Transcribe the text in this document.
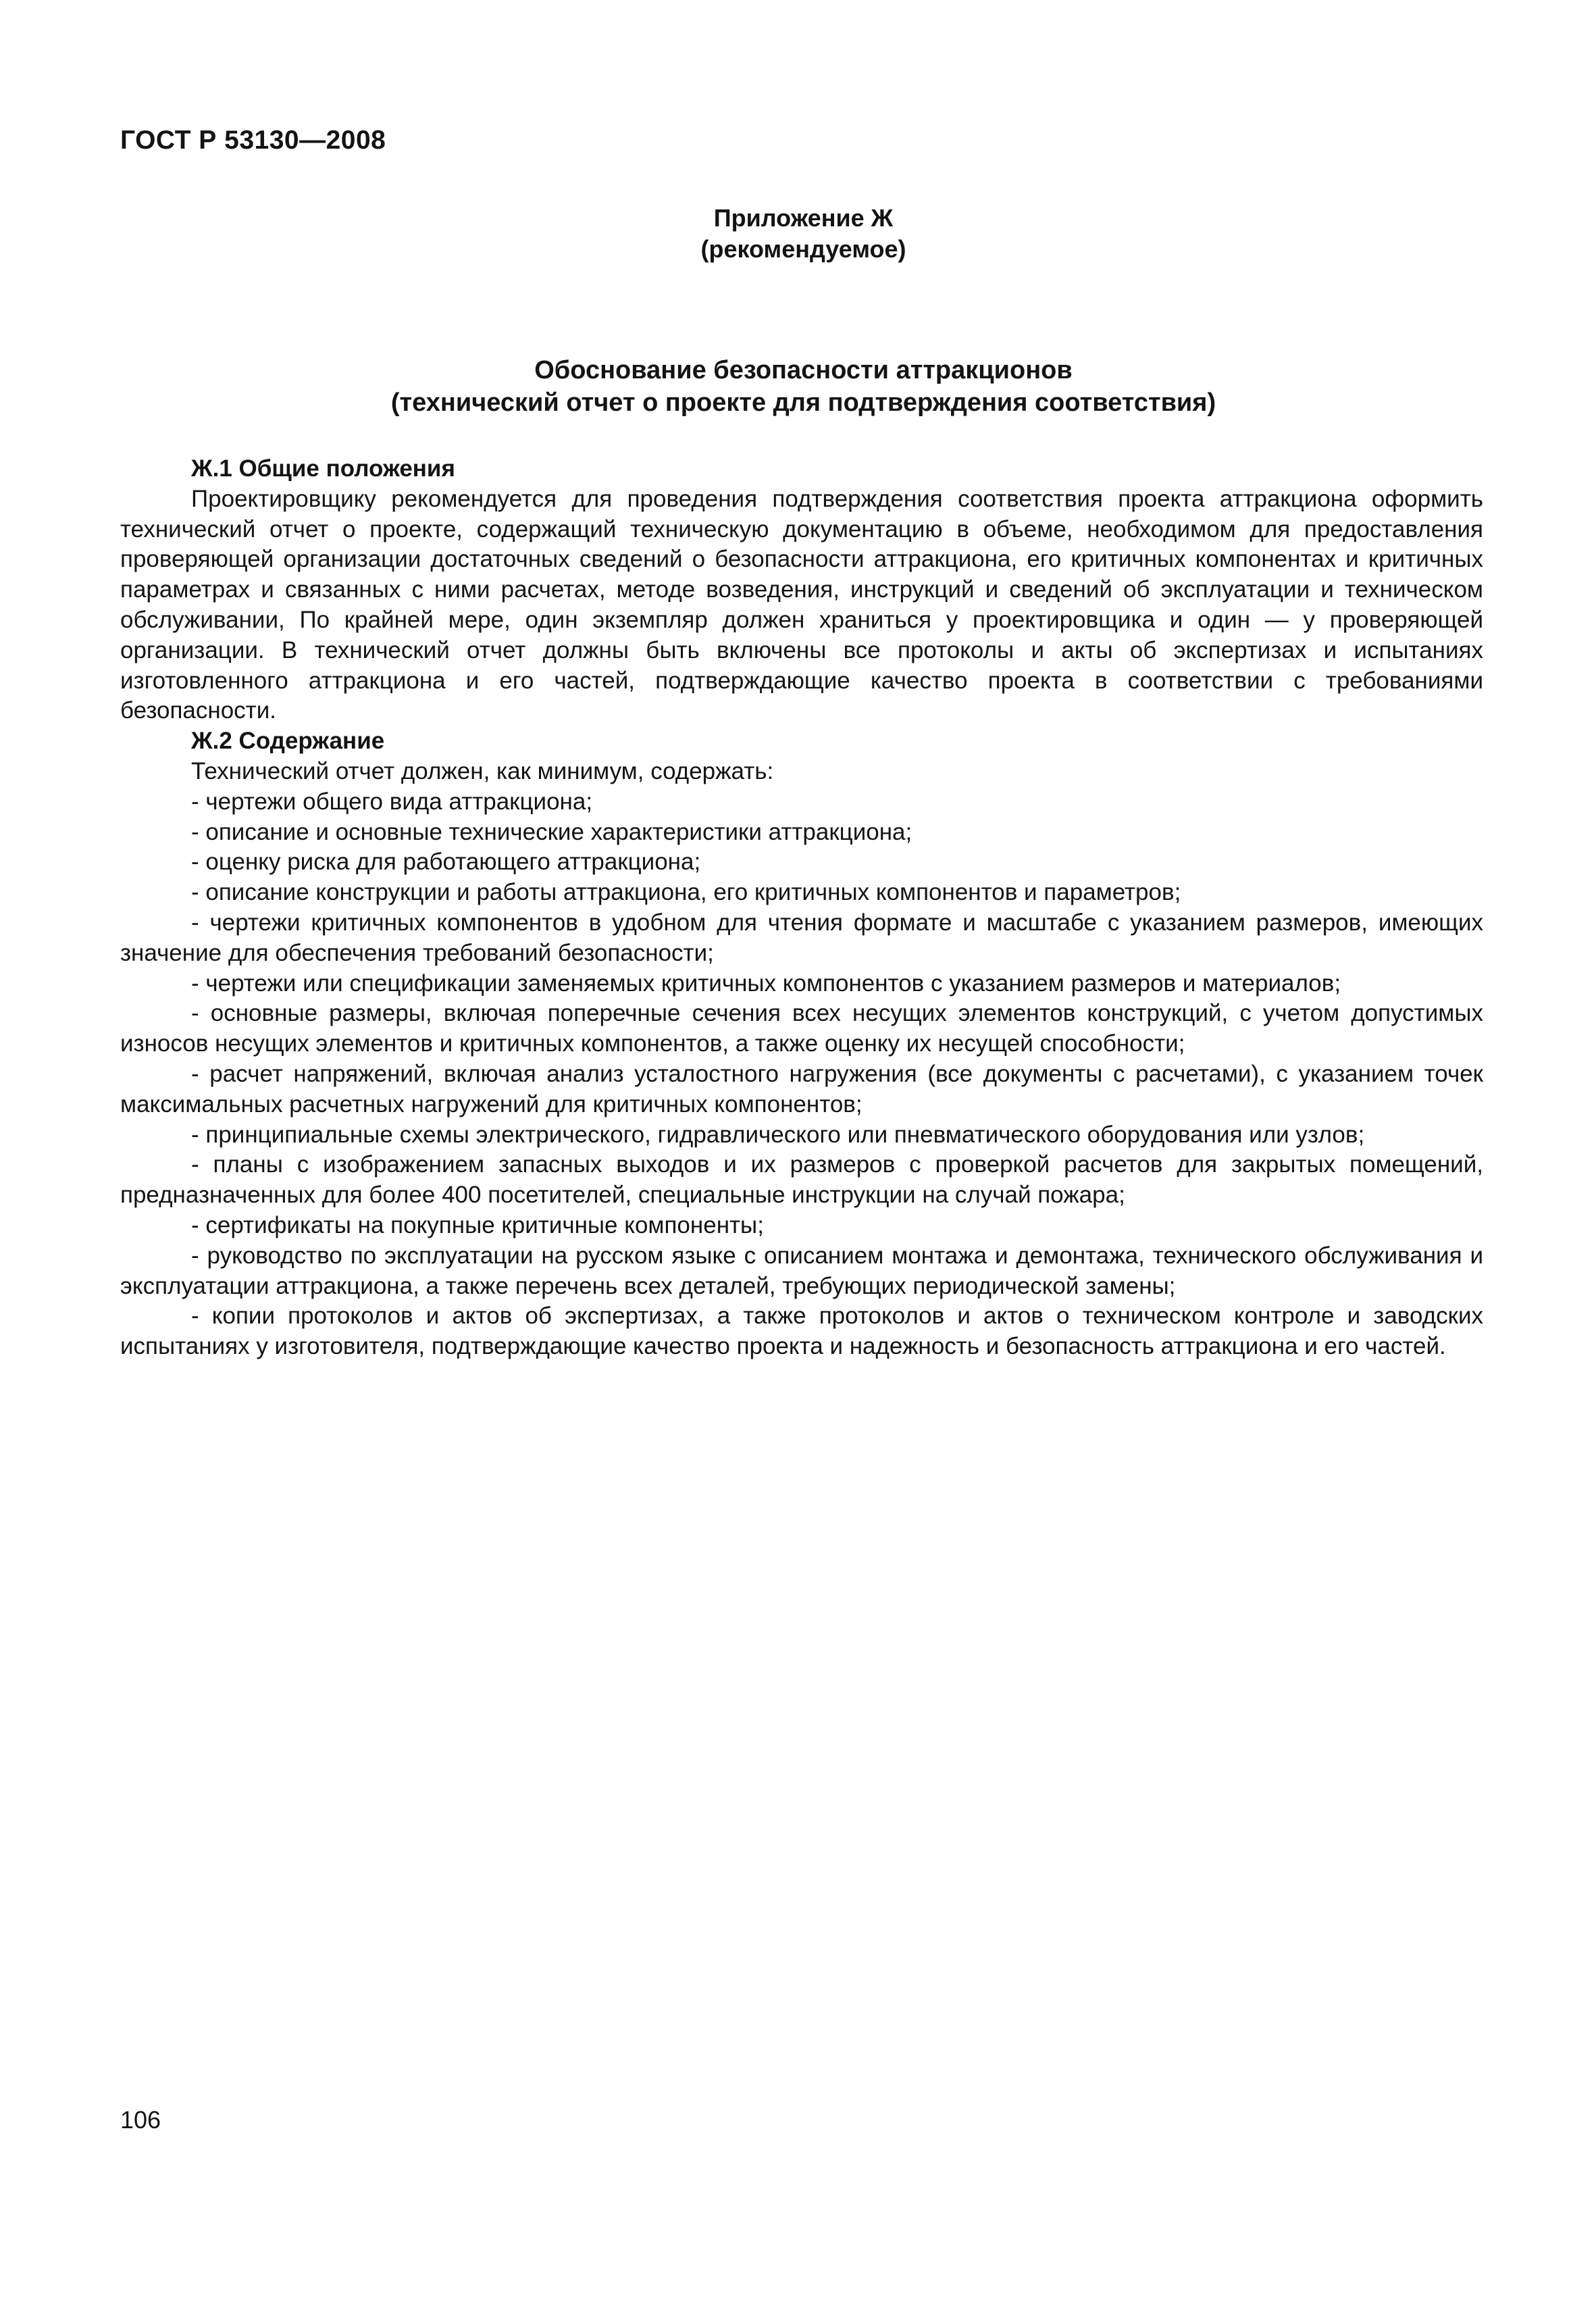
ГОСТ Р 53130—2008
Приложение Ж
(рекомендуемое)
Обоснование безопасности аттракционов
(технический отчет о проекте для подтверждения соответствия)

Ж.1 Общие положения

Проектировщику рекомендуется для проведения подтверждения соответствия проекта аттракциона оформить технический отчет о проекте, содержащий техническую документацию в объеме, необходимом для предоставления проверяющей организации достаточных сведений о безопасности аттракциона, его критичных компонентах и критичных параметрах и связанных с ними расчетах, методе возведения, инструкций и сведений об эксплуатации и техническом обслуживании, По крайней мере, один экземпляр должен храниться у проектировщика и один — у проверяющей организации. В технический отчет должны быть включены все протоколы и акты об экспертизах и испытаниях изготовленного аттракциона и его частей, подтверждающие качество проекта в соответствии с требованиями безопасности.

Ж.2 Содержание

Технический отчет должен, как минимум, содержать:

- чертежи общего вида аттракциона;

- описание и основные технические характеристики аттракциона;

- оценку риска для работающего аттракциона;

- описание конструкции и работы аттракциона, его критичных компонентов и параметров;

- чертежи критичных компонентов в удобном для чтения формате и масштабе с указанием размеров, имеющих значение для обеспечения требований безопасности;

- чертежи или спецификации заменяемых критичных компонентов с указанием размеров и материалов;

- основные размеры, включая поперечные сечения всех несущих элементов конструкций, с учетом допустимых износов несущих элементов и критичных компонентов, а также оценку их несущей способности;

- расчет напряжений, включая анализ усталостного нагружения (все документы с расчетами), с указанием точек максимальных расчетных нагружений для критичных компонентов;

- принципиальные схемы электрического, гидравлического или пневматического оборудования или узлов;

- планы с изображением запасных выходов и их размеров с проверкой расчетов для закрытых помещений, предназначенных для более 400 посетителей, специальные инструкции на случай пожара;

- сертификаты на покупные критичные компоненты;

- руководство по эксплуатации на русском языке с описанием монтажа и демонтажа, технического обслуживания и эксплуатации аттракциона, а также перечень всех деталей, требующих периодической замены;

- копии протоколов и актов об экспертизах, а также протоколов и актов о техническом контроле и заводских испытаниях у изготовителя, подтверждающие качество проекта и надежность и безопасность аттракциона и его частей.

106
